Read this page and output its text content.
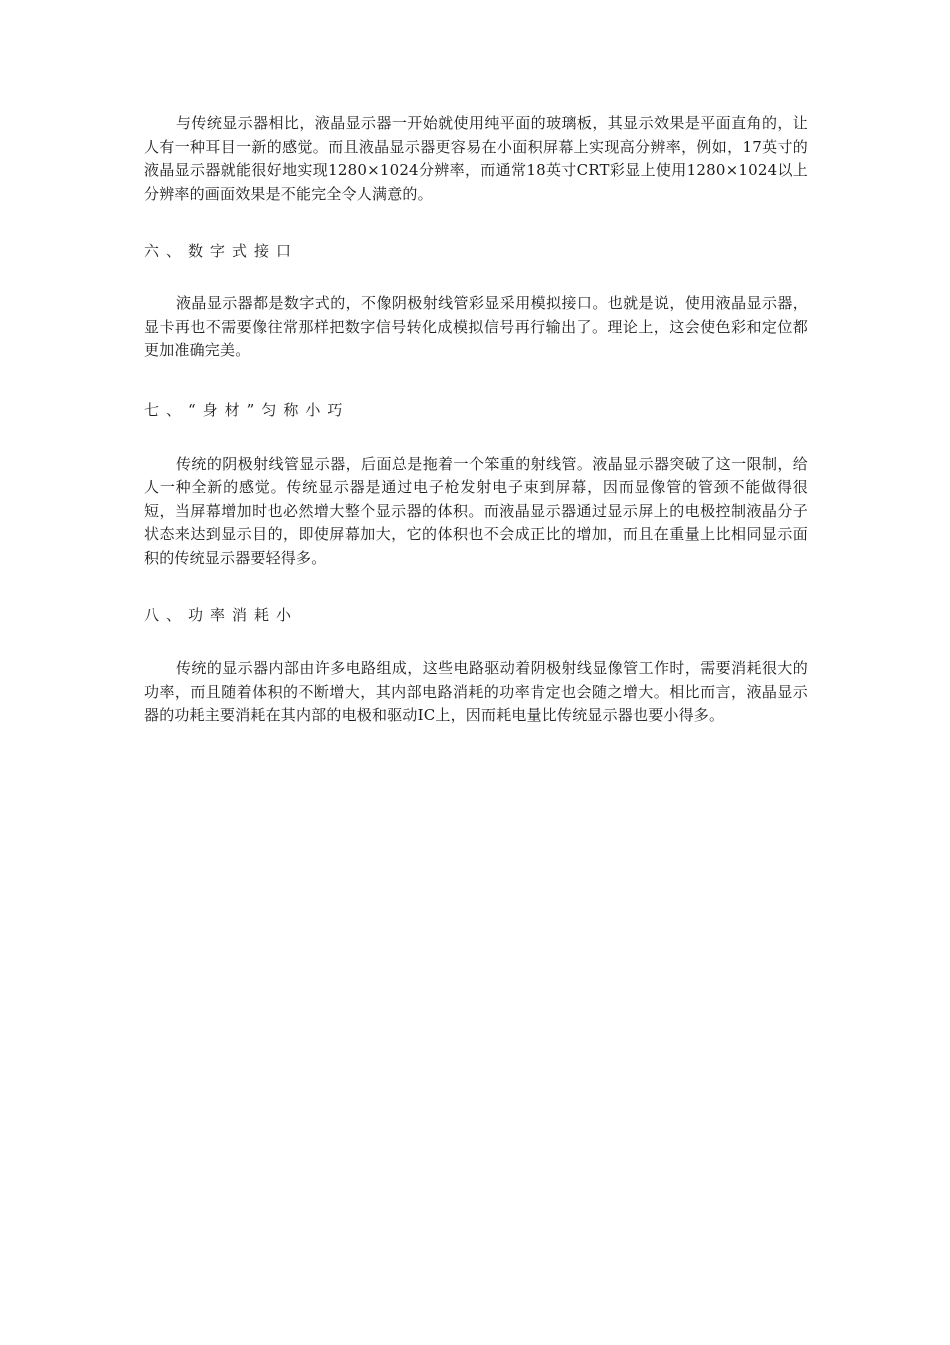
与传统显示器相比，液晶显示器一开始就使用纯平面的玻璃板，其显示效果是平面直角的，让人有一种耳目一新的感觉。而且液晶显示器更容易在小面积屏幕上实现高分辨率，例如，17英寸的液晶显示器就能很好地实现1280×1024分辨率，而通常18英寸CRT彩显上使用1280×1024以上分辨率的画面效果是不能完全令人满意的。

六、数字式接口

液晶显示器都是数字式的，不像阴极射线管彩显采用模拟接口。也就是说，使用液晶显示器，显卡再也不需要像往常那样把数字信号转化成模拟信号再行输出了。理论上，这会使色彩和定位都更加准确完美。

七、“身材”匀称小巧

传统的阴极射线管显示器，后面总是拖着一个笨重的射线管。液晶显示器突破了这一限制，给人一种全新的感觉。传统显示器是通过电子枪发射电子束到屏幕，因而显像管的管颈不能做得很短，当屏幕增加时也必然增大整个显示器的体积。而液晶显示器通过显示屏上的电极控制液晶分子状态来达到显示目的，即使屏幕加大，它的体积也不会成正比的增加，而且在重量上比相同显示面积的传统显示器要轻得多。

八、功率消耗小

传统的显示器内部由许多电路组成，这些电路驱动着阴极射线显像管工作时，需要消耗很大的功率，而且随着体积的不断增大，其内部电路消耗的功率肯定也会随之增大。相比而言，液晶显示器的功耗主要消耗在其内部的电极和驱动IC上，因而耗电量比传统显示器也要小得多。
